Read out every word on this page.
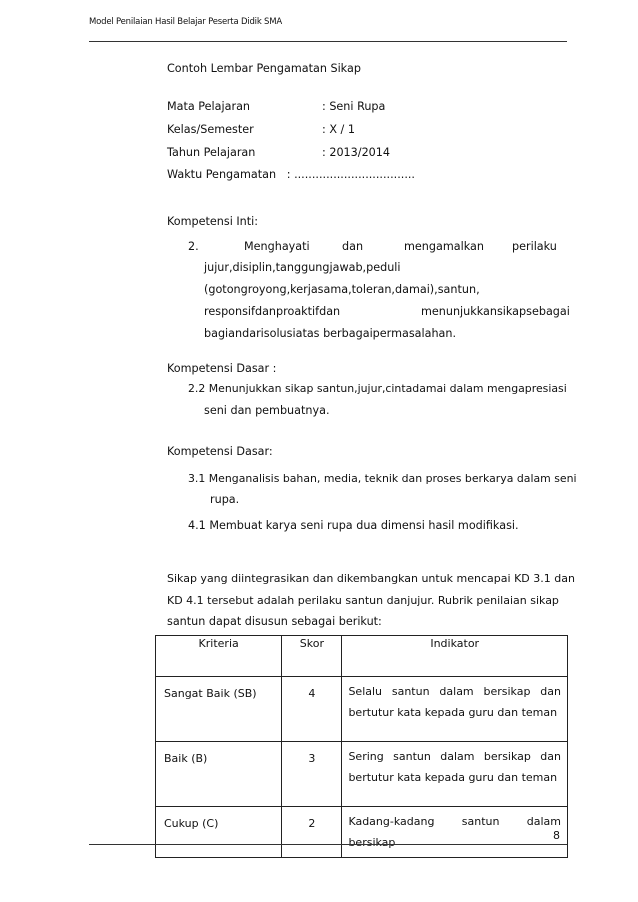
Model Penilaian Hasil Belajar Peserta Didik SMA
Contoh Lembar Pengamatan Sikap
Mata Pelajaran	: Seni Rupa
Kelas/Semester	: X / 1
Tahun Pelajaran	: 2013/2014
Waktu Pengamatan   : ..................................
Kompetensi Inti:
2.	Menghayati	dan	mengamalkan	perilaku
jujur,disiplin,tanggungjawab,peduli
(gotongroyong,kerjasama,toleran,damai),santun,
responsifdanproaktifdan	menunjukkansikapsebagai
bagiandarisolusiatas berbagaipermasalahan.
Kompetensi Dasar :
2.2 Menunjukkan sikap santun,jujur,cintadamai dalam mengapresiasi
seni dan pembuatnya.
Kompetensi Dasar:
3.1 Menganalisis bahan, media, teknik dan proses berkarya dalam seni
rupa.
4.1 Membuat karya seni rupa dua dimensi hasil modifikasi.
Sikap yang diintegrasikan dan dikembangkan untuk mencapai KD 3.1 dan
KD 4.1 tersebut adalah perilaku santun danjujur. Rubrik penilaian sikap
santun dapat disusun sebagai berikut:
Kriteria	Skor	Indikator
Sangat Baik (SB)	4	Selalu santun dalam bersikap dan
bertutur kata kepada guru dan teman

Baik (B)	3	Sering santun dalam bersikap dan
bertutur kata kepada guru dan teman

Cukup (C)	2	Kadang-kadang santun dalam bersikap
8
